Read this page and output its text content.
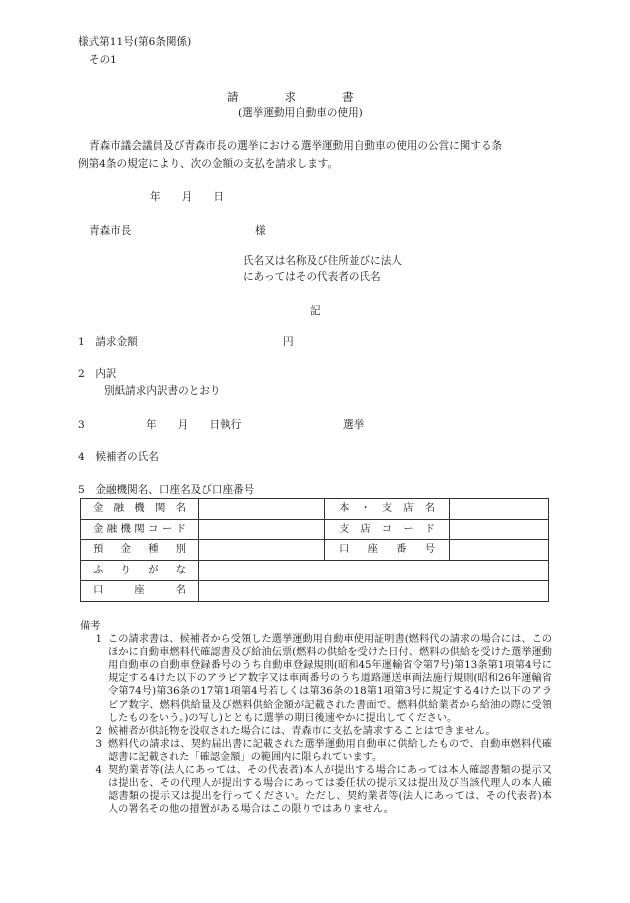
様式第11号(第6条関係)
その1
請　　　　求　　　　書
(選挙運動用自動車の使用)
青森市議会議員及び青森市長の選挙における選挙運動用自動車の使用の公営に関する条
例第4条の規定により、次の金額の支払を請求します。
年　　月　　日
青森市長	様
氏名又は名称及び住所並びに法人
にあってはその代表者の氏名
記
1　請求金額	円
2　内訳
別紙請求内訳書のとおり
3	年　　月　　日執行	選挙
4　候補者の氏名
5　金融機関名、口座名及び口座番号
金融機関名		本・支店名	
金融機関コード		支店コード	
預金種別		口座番号	
ふりがな			
口座名			
備考
1 この請求書は、候補者から受領した選挙運動用自動車使用証明書(燃料代の請求の場合には、このほかに自動車燃料代確認書及び給油伝票(燃料の供給を受けた日付、燃料の供給を受けた選挙運動用自動車の自動車登録番号のうち自動車登録規則(昭和45年運輸省令第7号)第13条第1項第4号に規定する4けた以下のアラビア数字又は車両番号のうち道路運送車両法施行規則(昭和26年運輸省令第74号)第36条の17第1項第4号若しくは第36条の18第1項第3号に規定する4けた以下のアラビア数字、燃料供給量及び燃料供給金額が記載された書面で、燃料供給業者から給油の際に受領したものをいう。)の写し)とともに選挙の期日後速やかに提出してください。
2 候補者が供託物を没収された場合には、青森市に支払を請求することはできません。
3 燃料代の請求は、契約届出書に記載された選挙運動用自動車に供給したもので、自動車燃料代確認書に記載された「確認金額」の範囲内に限られています。
4 契約業者等(法人にあっては、その代表者)本人が提出する場合にあっては本人確認書類の提示又は提出を、その代理人が提出する場合にあっては委任状の提示又は提出及び当該代理人の本人確認書類の提示又は提出を行ってください。ただし、契約業者等(法人にあっては、その代表者)本人の署名その他の措置がある場合はこの限りではありません。
